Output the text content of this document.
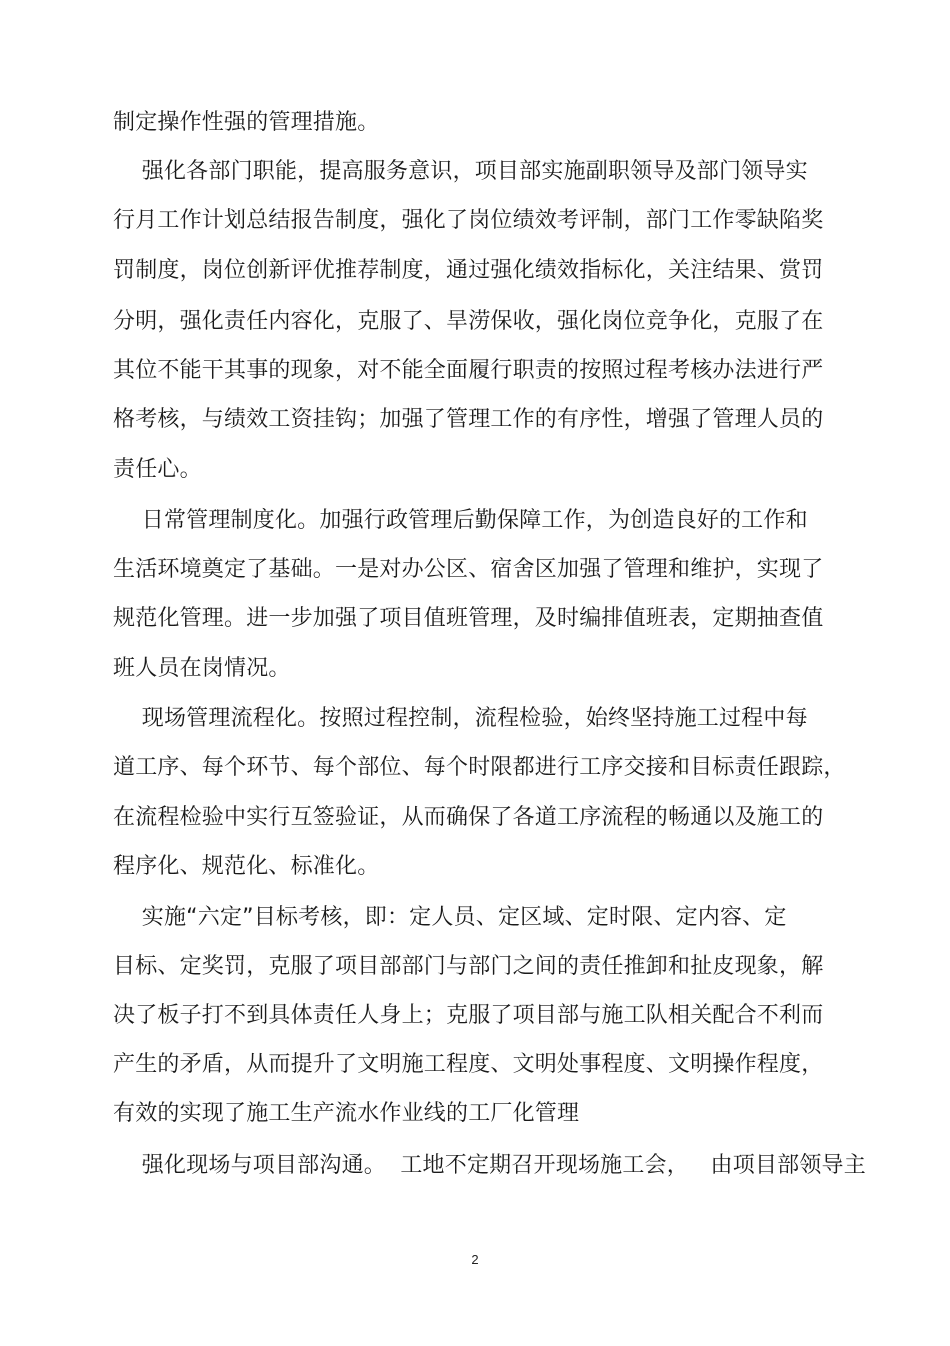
制定操作性强的管理措施。
强化各部门职能，提高服务意识，项目部实施副职领导及部门领导实
行月工作计划总结报告制度，强化了岗位绩效考评制，部门工作零缺陷奖
罚制度，岗位创新评优推荐制度，通过强化绩效指标化，关注结果、赏罚
分明，强化责任内容化，克服了、旱涝保收，强化岗位竞争化，克服了在
其位不能干其事的现象，对不能全面履行职责的按照过程考核办法进行严
格考核，与绩效工资挂钩；加强了管理工作的有序性，增强了管理人员的
责任心。
日常管理制度化。加强行政管理后勤保障工作，为创造良好的工作和
生活环境奠定了基础。一是对办公区、宿舍区加强了管理和维护，实现了
规范化管理。进一步加强了项目值班管理，及时编排值班表，定期抽查值
班人员在岗情况。
现场管理流程化。按照过程控制，流程检验，始终坚持施工过程中每
道工序、每个环节、每个部位、每个时限都进行工序交接和目标责任跟踪，
在流程检验中实行互签验证，从而确保了各道工序流程的畅通以及施工的
程序化、规范化、标准化。
实施“六定”目标考核，即：定人员、定区域、定时限、定内容、定
目标、定奖罚，克服了项目部部门与部门之间的责任推卸和扯皮现象，解
决了板子打不到具体责任人身上；克服了项目部与施工队相关配合不利而
产生的矛盾，从而提升了文明施工程度、文明处事程度、文明操作程度，
有效的实现了施工生产流水作业线的工厂化管理
强化现场与项目部沟通。  工地不定期召开现场施工会，   由项目部领导主
2
